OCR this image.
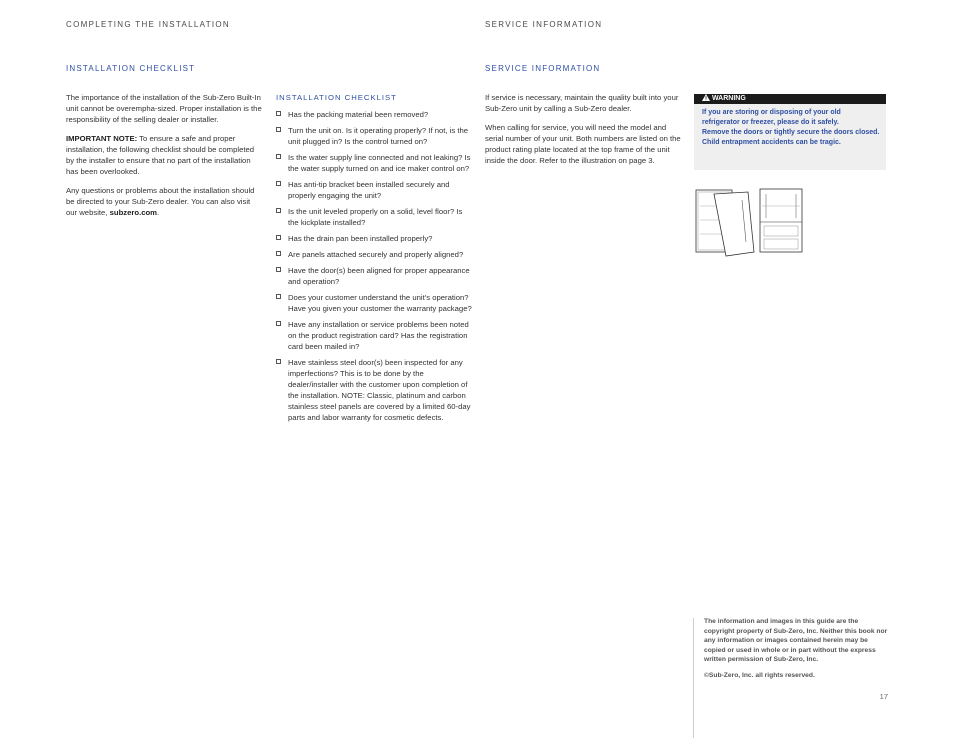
COMPLETING THE INSTALLATION	SERVICE INFORMATION
INSTALLATION CHECKLIST	SERVICE INFORMATION

The importance of the installation of the Sub-Zero Built-In unit cannot be overempha-sized. Proper installation is the responsibility of the selling dealer or installer.

IMPORTANT NOTE: To ensure a safe and proper installation, the following checklist should be completed by the installer to ensure that no part of the installation has been overlooked.

Any questions or problems about the installation should be directed to your Sub-Zero dealer. You can also visit our website, subzero.com.

INSTALLATION CHECKLIST
Has the packing material been removed?
Turn the unit on. Is it operating properly? If not, is the unit plugged in? Is the control turned on?
Is the water supply line connected and not leaking? Is the water supply turned on and ice maker control on?
Has anti-tip bracket been installed securely and properly engaging the unit?
Is the unit leveled properly on a solid, level floor? Is the kickplate installed?
Has the drain pan been installed properly?
Are panels attached securely and properly aligned?
Have the door(s) been aligned for proper appearance and operation?
Does your customer understand the unit's operation? Have you given your customer the warranty package?
Have any installation or service problems been noted on the product registration card? Has the registration card been mailed in?
Have stainless steel door(s) been inspected for any imperfections? This is to be done by the dealer/installer with the customer upon completion of the installation. NOTE: Classic, platinum and carbon stainless steel panels are covered by a limited 60-day parts and labor warranty for cosmetic defects.

If service is necessary, maintain the quality built into your Sub-Zero unit by calling a Sub-Zero dealer.

When calling for service, you will need the model and serial number of your unit. Both numbers are listed on the product rating plate located at the top frame of the unit inside the door. Refer to the illustration on page 3.

WARNING

If you are storing or disposing of your old refrigerator or freezer, please do it safely.

Remove the doors or tightly secure the doors closed. Child entrapment accidents can be tragic.

The information and images in this guide are the copyright property of Sub-Zero, Inc. Neither this book nor any information or images contained herein may be copied or used in whole or in part without the express written permission of Sub-Zero, Inc.

©Sub-Zero, Inc. all rights reserved.

17
